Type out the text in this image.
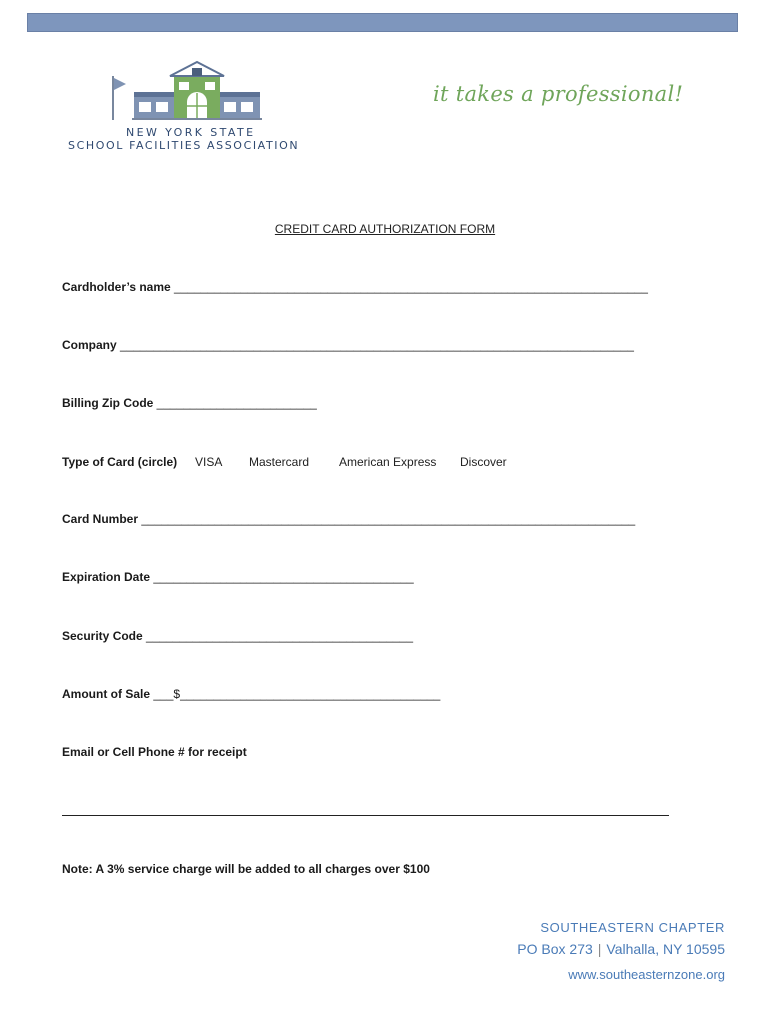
NEW YORK STATE
SCHOOL FACILITIES ASSOCIATION
it takes a professional!
CREDIT CARD AUTHORIZATION FORM
Cardholder’s name _______________________________________________________________________
Company _____________________________________________________________________________
Billing Zip Code ________________________
Type of Card (circle) VISA Mastercard American Express Discover
Card Number __________________________________________________________________________
Expiration Date _______________________________________
Security Code ________________________________________
Amount of Sale ___$_______________________________________
Email or Cell Phone # for receipt
Note: A 3% service charge will be added to all charges over $100
SOUTHEASTERN CHAPTER
PO Box 273 | Valhalla, NY 10595
www.southeasternzone.org
